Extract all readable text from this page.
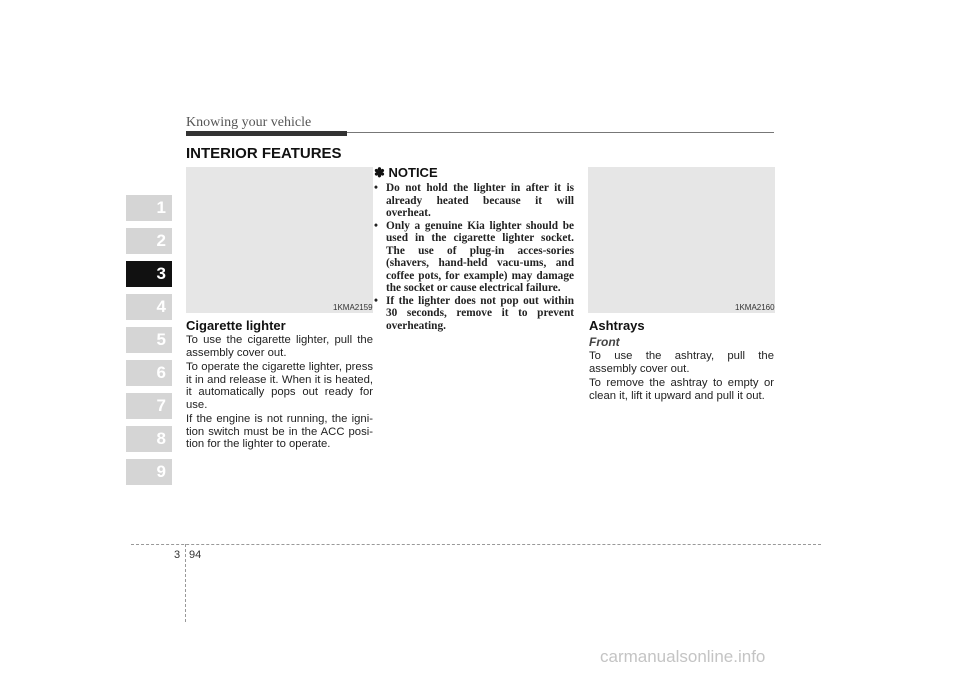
Knowing your vehicle
1
2
3
4
5
6
7
8
9
INTERIOR FEATURES
1KMA2159
Cigarette lighter
To use the cigarette lighter, pull the assembly cover out.
To operate the cigarette lighter, press it in and release it. When it is heated, it automatically pops out ready for use.
If the engine is not running, the igni-tion switch must be in the ACC posi-tion for the lighter to operate.
✽ NOTICE
• Do not hold the lighter in after it is already heated because it will overheat.
• Only a genuine Kia lighter should be used in the cigarette lighter socket. The use of plug-in acces-sories (shavers, hand-held vacu-ums, and coffee pots, for example) may damage the socket or cause electrical failure.
• If the lighter does not pop out within 30 seconds, remove it to prevent overheating.
1KMA2160
Ashtrays
Front
To use the ashtray, pull the assembly cover out.
To remove the ashtray to empty or clean it, lift it upward and pull it out.
3 94
carmanualsonline.info
